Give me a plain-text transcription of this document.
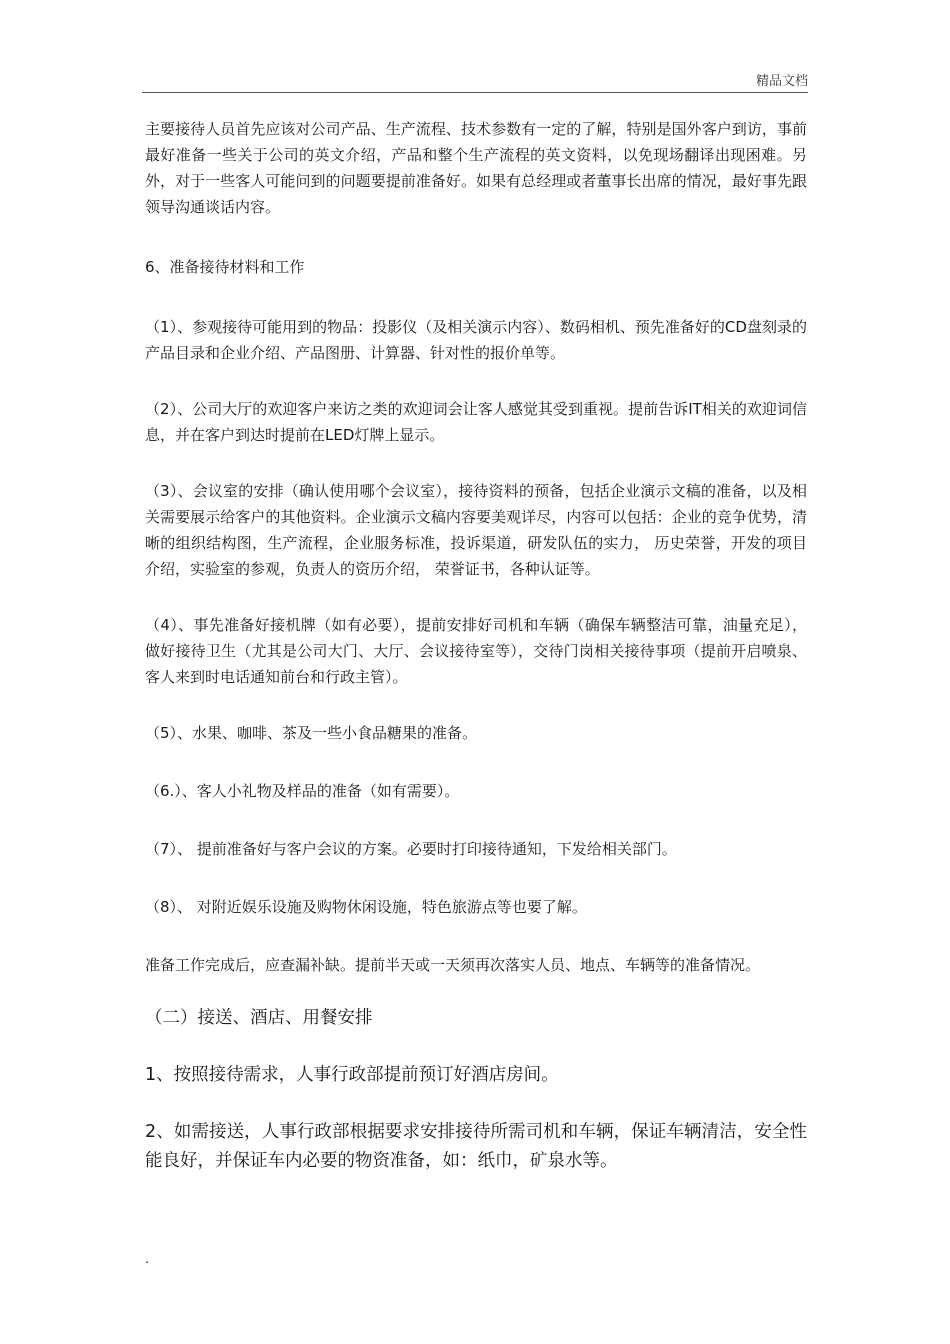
精品文档

主要接待人员首先应该对公司产品、生产流程、技术参数有一定的了解，特别是国外客户到访，事前最好准备一些关于公司的英文介绍，产品和整个生产流程的英文资料，以免现场翻译出现困难。另外，对于一些客人可能问到的问题要提前准备好。如果有总经理或者董事长出席的情况，最好事先跟领导沟通谈话内容。

6、准备接待材料和工作

（1）、参观接待可能用到的物品：投影仪（及相关演示内容）、数码相机、预先准备好的CD盘刻录的产品目录和企业介绍、产品图册、计算器、针对性的报价单等。

（2）、公司大厅的欢迎客户来访之类的欢迎词会让客人感觉其受到重视。提前告诉IT相关的欢迎词信息，并在客户到达时提前在LED灯牌上显示。

（3）、会议室的安排（确认使用哪个会议室），接待资料的预备，包括企业演示文稿的准备，以及相关需要展示给客户的其他资料。企业演示文稿内容要美观详尽，内容可以包括：企业的竞争优势，清晰的组织结构图，生产流程，企业服务标准，投诉渠道，研发队伍的实力， 历史荣誉，开发的项目介绍，实验室的参观，负责人的资历介绍， 荣誉证书，各种认证等。

（4）、事先准备好接机牌（如有必要），提前安排好司机和车辆（确保车辆整洁可靠，油量充足），做好接待卫生（尤其是公司大门、大厅、会议接待室等），交待门岗相关接待事项（提前开启喷泉、客人来到时电话通知前台和行政主管）。

（5）、水果、咖啡、茶及一些小食品糖果的准备。

（6.）、客人小礼物及样品的准备（如有需要）。

（7）、 提前准备好与客户会议的方案。必要时打印接待通知，下发给相关部门。

（8）、 对附近娱乐设施及购物休闲设施，特色旅游点等也要了解。

准备工作完成后，应查漏补缺。提前半天或一天须再次落实人员、地点、车辆等的准备情况。

（二）接送、酒店、用餐安排

1、按照接待需求，人事行政部提前预订好酒店房间。

2、如需接送，人事行政部根据要求安排接待所需司机和车辆，保证车辆清洁，安全性能良好，并保证车内必要的物资准备，如：纸巾，矿泉水等。

.
